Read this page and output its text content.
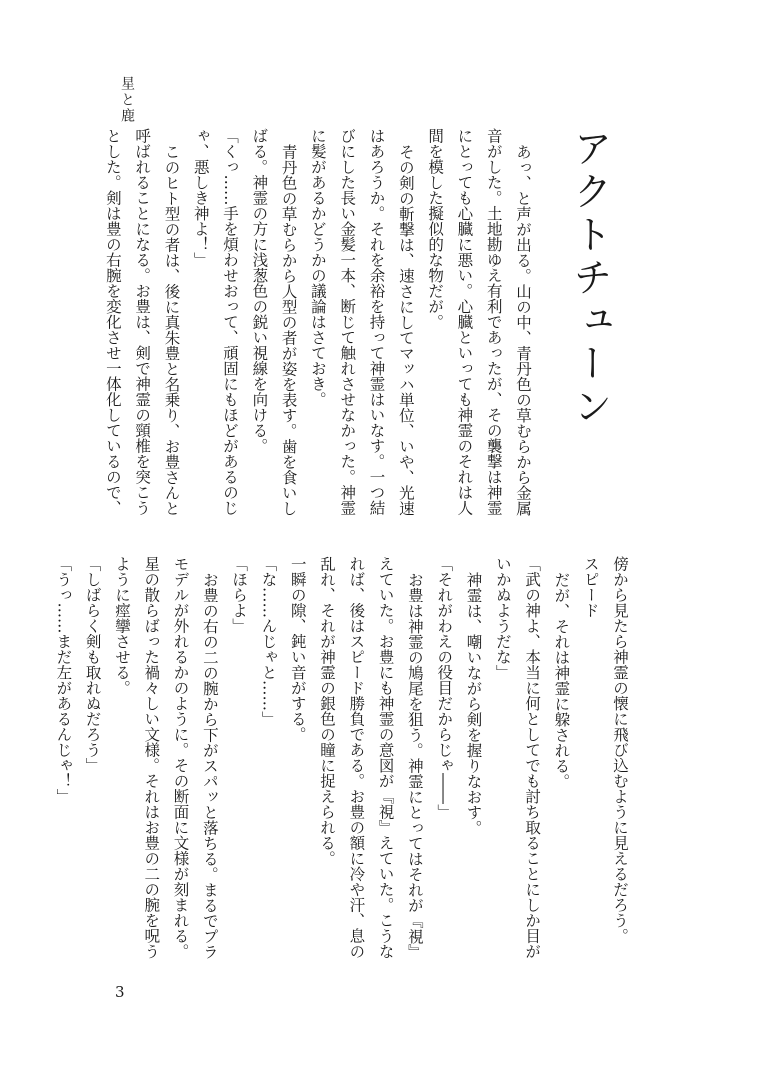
星と鹿
アクトチューン

あっ、と声が出る。山の中、青丹色の草むらから金属音がした。土地勘ゆえ有利であったが、その襲撃は神霊にとっても心臓に悪い。心臓といっても神霊のそれは人間を模した擬似的な物だが。

その剣の斬撃は、速さにしてマッハ単位、いや、光速はあろうか。それを余裕を持って神霊はいなす。一つ結びにした長い金髪一本、断じて触れさせなかった。神霊に髪があるかどうかの議論はさておき。

青丹色の草むらから人型の者が姿を表す。歯を食いしばる。神霊の方に浅葱色の鋭い視線を向ける。

「くっ……手を煩わせおって、頑固にもほどがあるのじゃ、悪しき神よ！」

このヒト型の者は、後に真朱豊と名乗り、お豊さんと呼ばれることになる。お豊は、剣で神霊の頸椎を突こうとした。剣は豊の右腕を変化させ一体化しているので、

傍から見たら神霊の懐に飛び込むように見えるだろう。

スピード

だが、それは神霊に躱される。

「武の神よ、本当に何としてでも討ち取ることにしか目がいかぬようだな」

神霊は、嘲いながら剣を握りなおす。

「それがわえの役目だからじゃ――」

お豊は神霊の鳩尾を狙う。神霊にとってはそれが『視』えていた。お豊にも神霊の意図が『視』えていた。こうなれば、後はスピード勝負である。お豊の額に冷や汗、息の乱れ、それが神霊の銀色の瞳に捉えられる。

一瞬の隙、鈍い音がする。

「な……んじゃと……」

「ほらよ」

お豊の右の二の腕から下がスパッと落ちる。まるでプラモデルが外れるかのように。その断面に文様が刻まれる。星の散らばった禍々しい文様。それはお豊の二の腕を呪うように痙攣させる。

「しばらく剣も取れぬだろう」

「うっ……まだ左があるんじゃ！」

3
